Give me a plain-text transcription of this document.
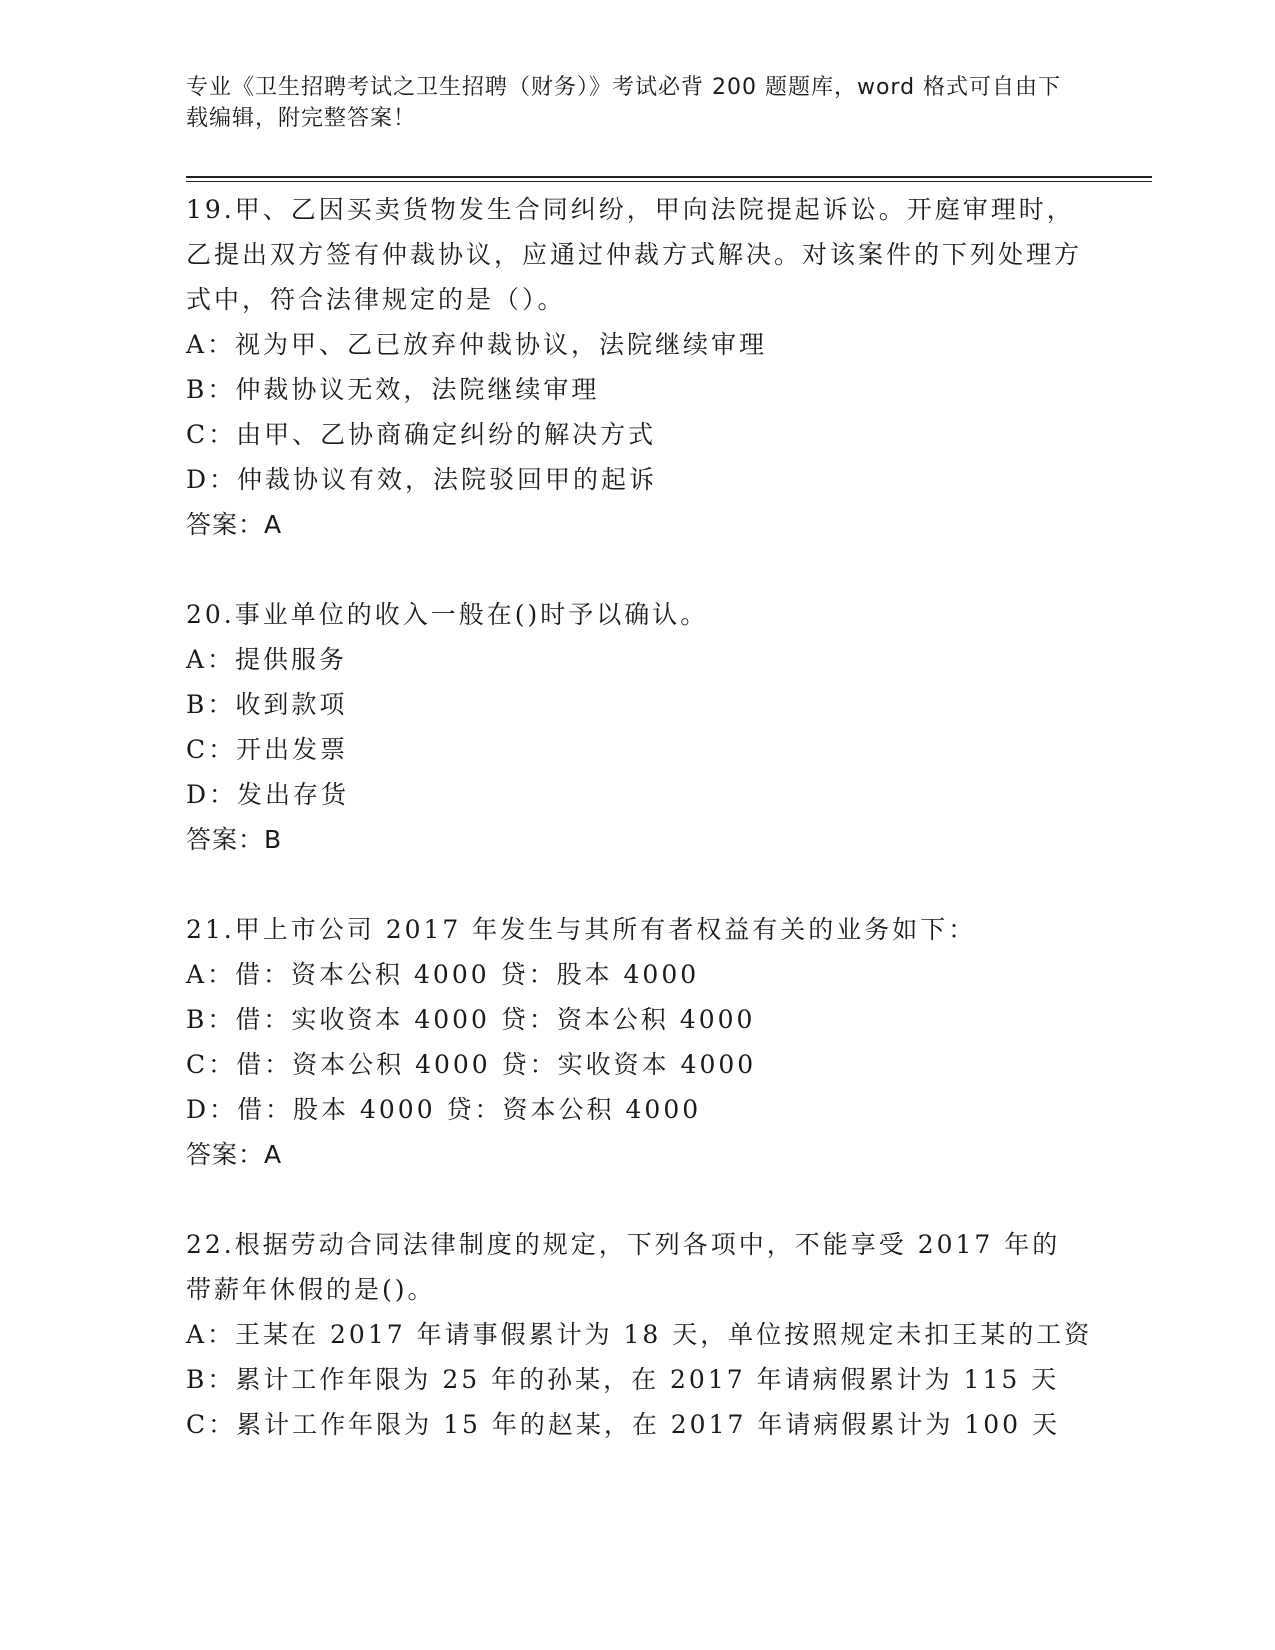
专业《卫生招聘考试之卫生招聘（财务）》考试必背 200 题题库，word 格式可自由下载编辑，附完整答案！

19.甲、乙因买卖货物发生合同纠纷，甲向法院提起诉讼。开庭审理时，乙提出双方签有仲裁协议，应通过仲裁方式解决。对该案件的下列处理方式中，符合法律规定的是（）。

A：视为甲、乙已放弃仲裁协议，法院继续审理

B：仲裁协议无效，法院继续审理

C：由甲、乙协商确定纠纷的解决方式

D：仲裁协议有效，法院驳回甲的起诉

答案：A

20.事业单位的收入一般在()时予以确认。

A：提供服务

B：收到款项

C：开出发票

D：发出存货

答案：B

21.甲上市公司 2017 年发生与其所有者权益有关的业务如下：

A：借：资本公积 4000 贷：股本 4000

B：借：实收资本 4000 贷：资本公积 4000

C：借：资本公积 4000 贷：实收资本 4000

D：借：股本 4000 贷：资本公积 4000

答案：A

22.根据劳动合同法律制度的规定，下列各项中，不能享受 2017 年的带薪年休假的是()。

A：王某在 2017 年请事假累计为 18 天，单位按照规定未扣王某的工资

B：累计工作年限为 25 年的孙某，在 2017 年请病假累计为 115 天

C：累计工作年限为 15 年的赵某，在 2017 年请病假累计为 100 天
